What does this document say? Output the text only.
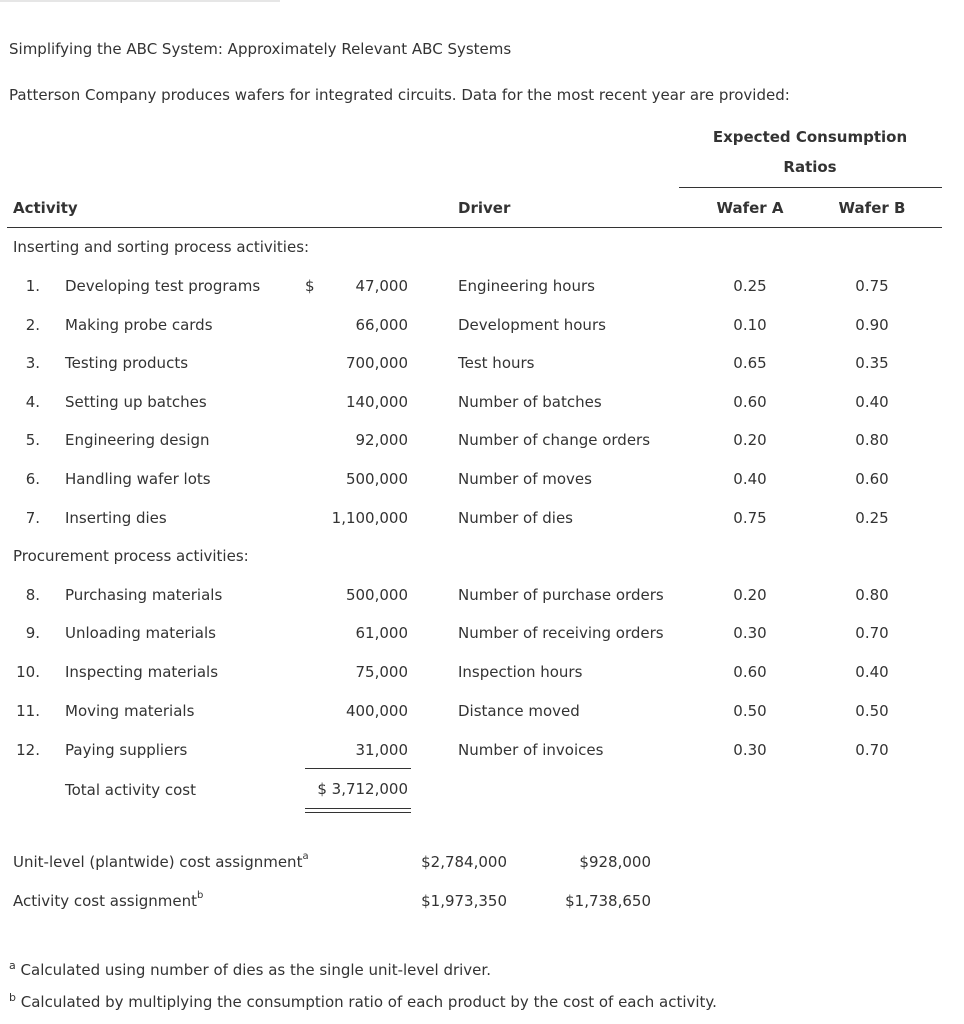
Simplifying the ABC System: Approximately Relevant ABC Systems
Patterson Company produces wafers for integrated circuits. Data for the most recent year are provided:
Expected Consumption
Ratios
Activity	Driver	Wafer A	Wafer B
Inserting and sorting process activities:
Procurement process activities:
$
1. Developing test programs	47,000	Engineering hours	0.25	0.75
2. Making probe cards	66,000	Development hours	0.10	0.90
3. Testing products	700,000	Test hours	0.65	0.35
4. Setting up batches	140,000	Number of batches	0.60	0.40
5. Engineering design	92,000	Number of change orders	0.20	0.80
6. Handling wafer lots	500,000	Number of moves	0.40	0.60
7. Inserting dies	1,100,000	Number of dies	0.75	0.25
8. Purchasing materials	500,000	Number of purchase orders	0.20	0.80
9. Unloading materials	61,000	Number of receiving orders	0.30	0.70
10. Inspecting materials	75,000	Inspection hours	0.60	0.40
11. Moving materials	400,000	Distance moved	0.50	0.50
12. Paying suppliers	31,000	Number of invoices	0.30	0.70
Total activity cost	$ 3,712,000
Unit-level (plantwide) cost assignment$^a$	$2,784,000	$928,000
Activity cost assignment$^b$	$1,973,350	$1,738,650
$^a$ Calculated using number of dies as the single unit-level driver.
$^b$ Calculated by multiplying the consumption ratio of each product by the cost of each activity.
